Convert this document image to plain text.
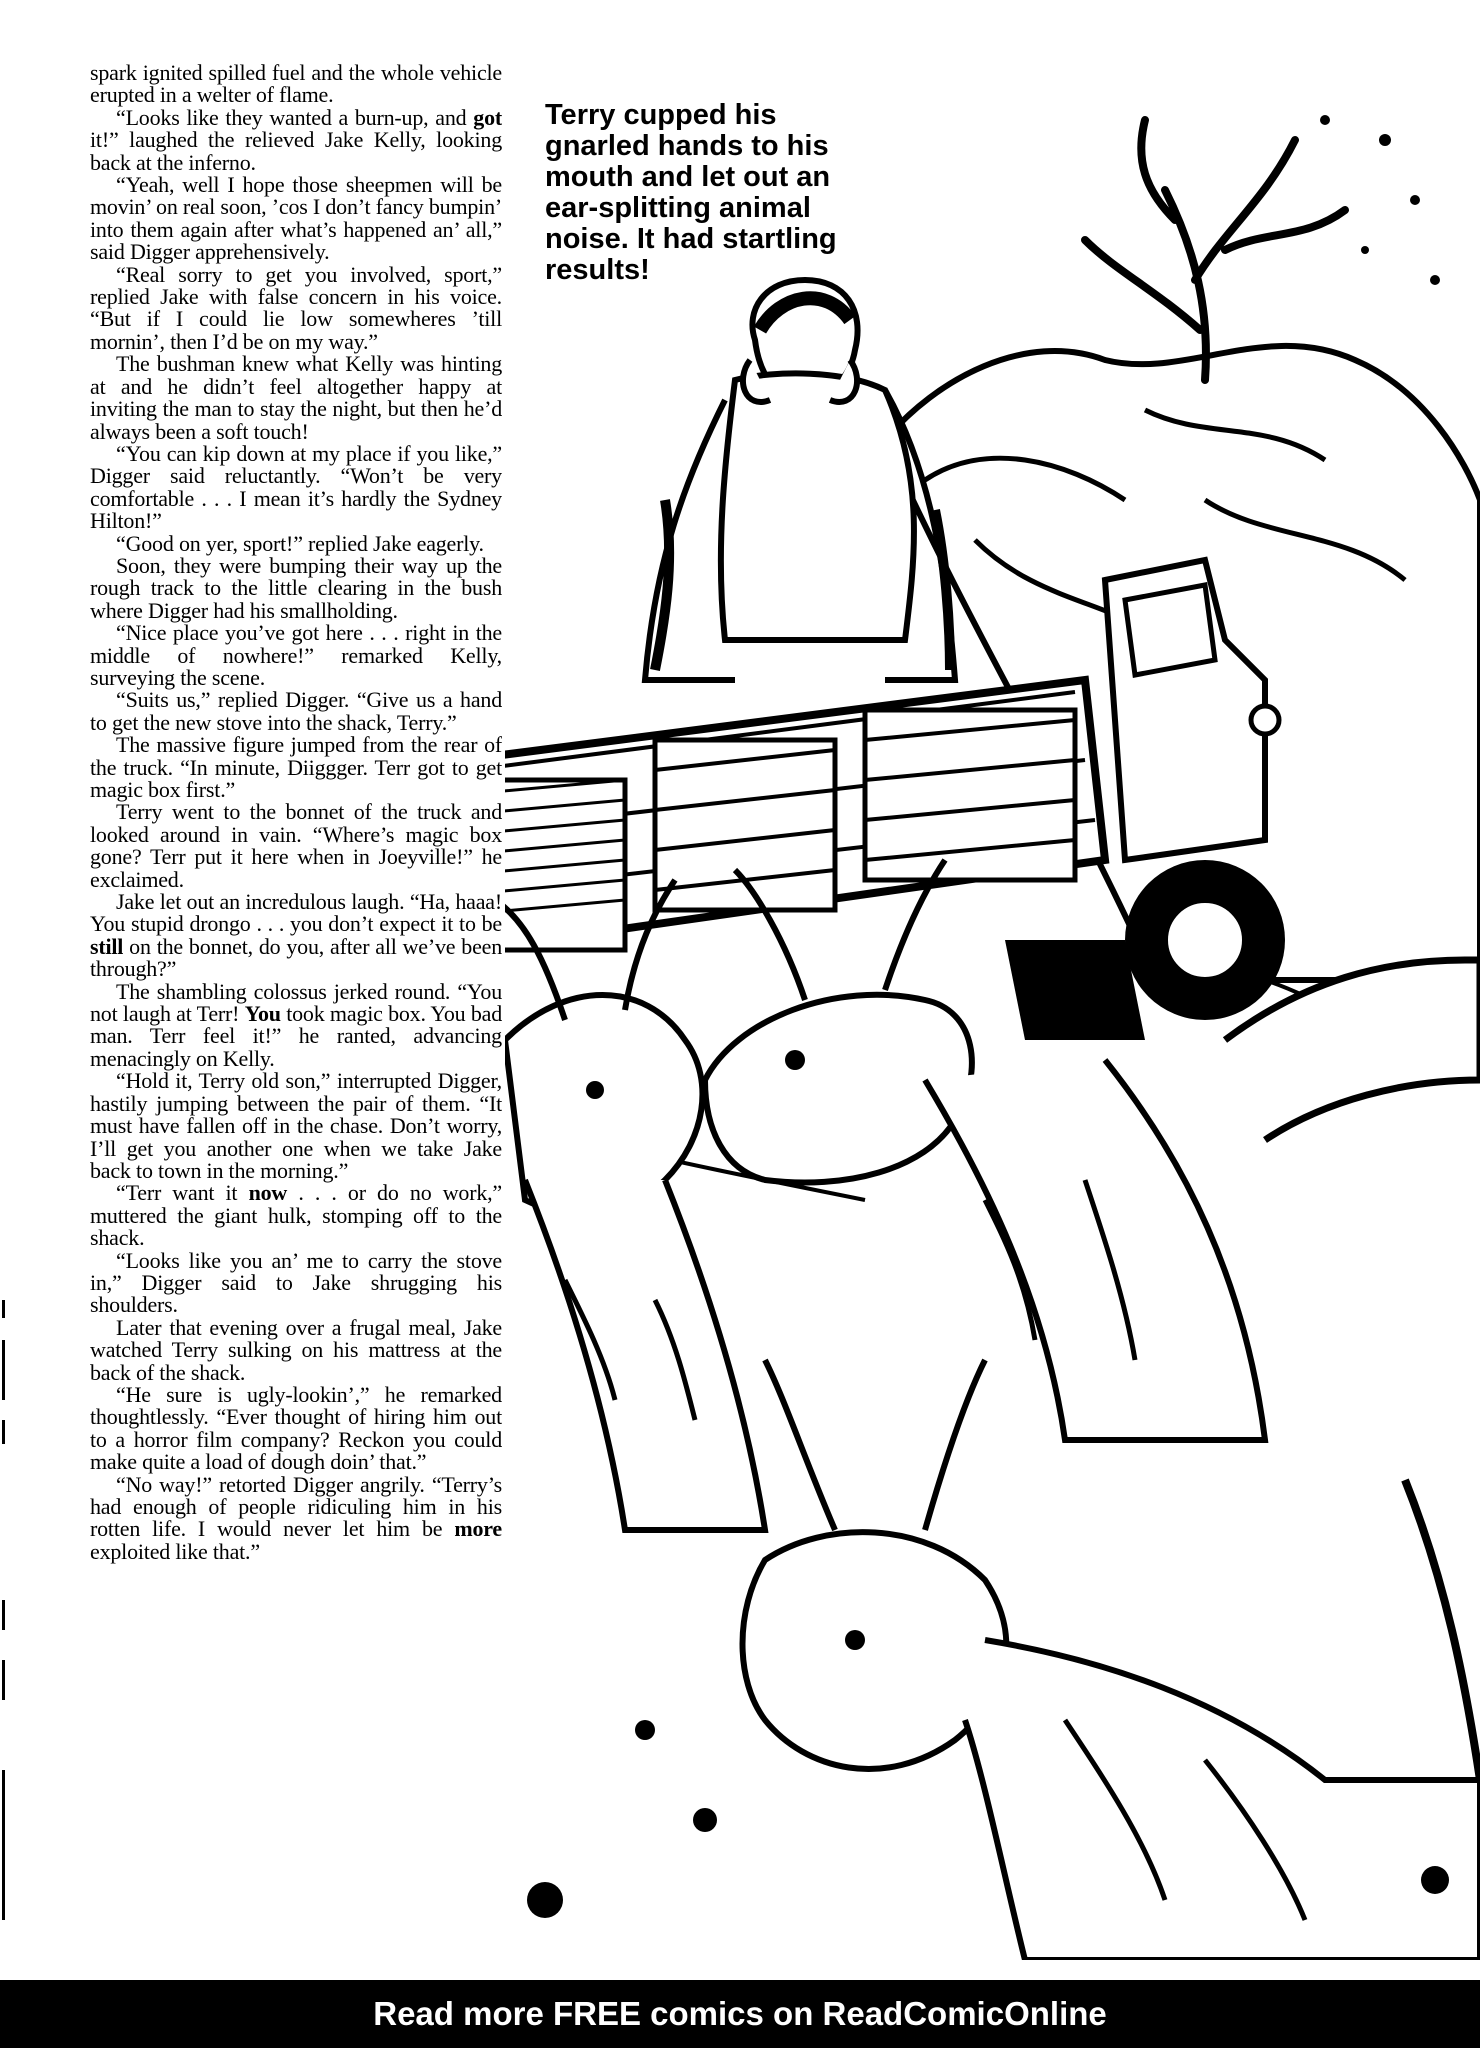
spark ignited spilled fuel and the whole vehicle erupted in a welter of flame.

“Looks like they wanted a burn-up, and got it!” laughed the relieved Jake Kelly, looking back at the inferno.

“Yeah, well I hope those sheepmen will be movin’ on real soon, ’cos I don’t fancy bumpin’ into them again after what’s happened an’ all,” said Digger apprehensively.

“Real sorry to get you involved, sport,” replied Jake with false concern in his voice. “But if I could lie low somewheres ’till mornin’, then I’d be on my way.”

The bushman knew what Kelly was hinting at and he didn’t feel altogether happy at inviting the man to stay the night, but then he’d always been a soft touch!

“You can kip down at my place if you like,” Digger said reluctantly. “Won’t be very comfortable . . . I mean it’s hardly the Sydney Hilton!”

“Good on yer, sport!” replied Jake eagerly.

Soon, they were bumping their way up the rough track to the little clearing in the bush where Digger had his smallholding.

“Nice place you’ve got here . . . right in the middle of nowhere!” remarked Kelly, surveying the scene.

“Suits us,” replied Digger. “Give us a hand to get the new stove into the shack, Terry.”

The massive figure jumped from the rear of the truck. “In minute, Diiggger. Terr got to get magic box first.”

Terry went to the bonnet of the truck and looked around in vain. “Where’s magic box gone? Terr put it here when in Joeyville!” he exclaimed.

Jake let out an incredulous laugh. “Ha, haaa! You stupid drongo . . . you don’t expect it to be still on the bonnet, do you, after all we’ve been through?”

The shambling colossus jerked round. “You not laugh at Terr! You took magic box. You bad man. Terr feel it!” he ranted, advancing menacingly on Kelly.

“Hold it, Terry old son,” interrupted Digger, hastily jumping between the pair of them. “It must have fallen off in the chase. Don’t worry, I’ll get you another one when we take Jake back to town in the morning.”

“Terr want it now . . . or do no work,” muttered the giant hulk, stomping off to the shack.

“Looks like you an’ me to carry the stove in,” Digger said to Jake shrugging his shoulders.

Later that evening over a frugal meal, Jake watched Terry sulking on his mattress at the back of the shack.

“He sure is ugly-lookin’,” he remarked thoughtlessly. “Ever thought of hiring him out to a horror film company? Reckon you could make quite a load of dough doin’ that.”

“No way!” retorted Digger angrily. “Terry’s had enough of people ridiculing him in his rotten life. I would never let him be more exploited like that.”

Terry cupped his gnarled hands to his mouth and let out an ear-splitting animal noise. It had startling results!
Read more FREE comics on ReadComicOnline
